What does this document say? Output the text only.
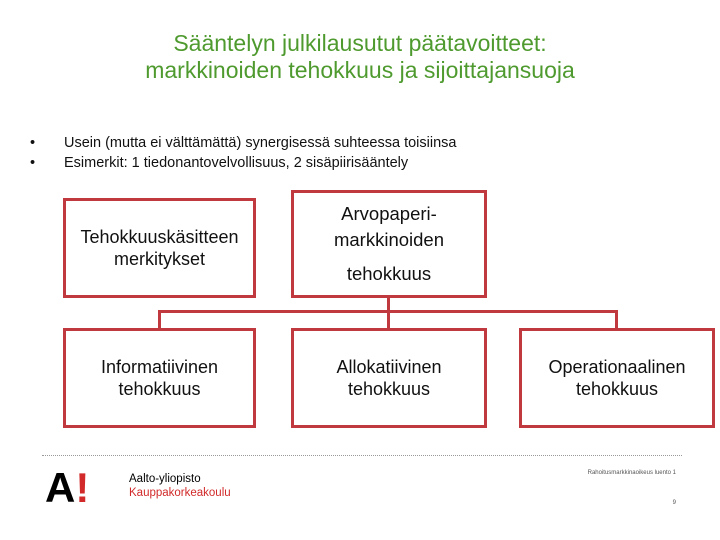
Sääntelyn julkilausutut päätavoitteet:
markkinoiden tehokkuus ja sijoittajansuoja
• Usein (mutta ei välttämättä) synergisessä suhteessa toisiinsa
• Esimerkit: 1 tiedonantovelvollisuus, 2 sisäpiirisääntely
Tehokkuuskäsitteen
merkitykset
Arvopaperi-
markkinoiden
tehokkuus
Informatiivinen
tehokkuus
Allokatiivinen
tehokkuus
Operationaalinen
tehokkuus
A!	Aalto-yliopisto
Kauppakorkeakoulu
Rahoitusmarkkinaoikeus luento 1
9
